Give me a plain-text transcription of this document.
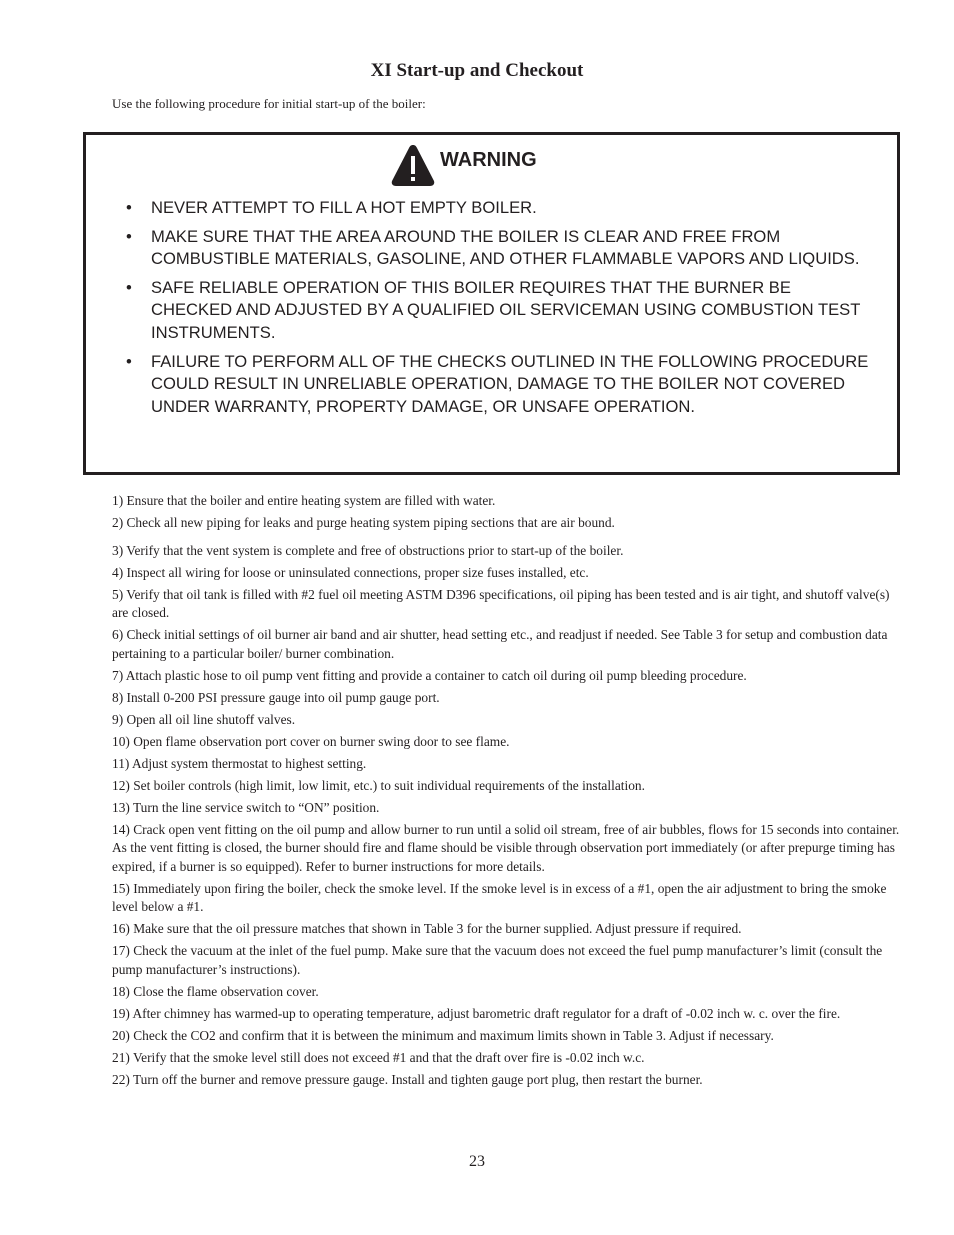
XI Start-up and Checkout
Use the following procedure for initial start-up of the boiler:
WARNING
• NEVER ATTEMPT TO FILL A HOT EMPTY BOILER.
• MAKE SURE THAT THE AREA AROUND THE BOILER IS CLEAR AND FREE FROM COMBUSTIBLE MATERIALS, GASOLINE, AND OTHER FLAMMABLE VAPORS AND LIQUIDS.
• SAFE RELIABLE OPERATION OF THIS BOILER REQUIRES THAT THE BURNER BE CHECKED AND ADJUSTED BY A QUALIFIED OIL SERVICEMAN USING COMBUSTION TEST INSTRUMENTS.
• FAILURE TO PERFORM ALL OF THE CHECKS OUTLINED IN THE FOLLOWING PROCEDURE COULD RESULT IN UNRELIABLE OPERATION, DAMAGE TO THE BOILER NOT COVERED UNDER WARRANTY, PROPERTY DAMAGE, OR UNSAFE OPERATION.
1) Ensure that the boiler and entire heating system are filled with water.
2) Check all new piping for leaks and purge heating system piping sections that are air bound.
3) Verify that the vent system is complete and free of obstructions prior to start-up of the boiler.
4) Inspect all wiring for loose or uninsulated connections, proper size fuses installed, etc.
5) Verify that oil tank is filled with #2 fuel oil meeting ASTM D396 specifications, oil piping has been tested and is air tight, and shutoff valve(s) are closed.
6) Check initial settings of oil burner air band and air shutter, head setting etc., and readjust if needed. See Table 3 for setup and combustion data pertaining to a particular boiler/ burner combination.
7) Attach plastic hose to oil pump vent fitting and provide a container to catch oil during oil pump bleeding procedure.
8) Install 0-200 PSI pressure gauge into oil pump gauge port.
9) Open all oil line shutoff valves.
10) Open flame observation port cover on burner swing door to see flame.
11) Adjust system thermostat to highest setting.
12) Set boiler controls (high limit, low limit, etc.) to suit individual requirements of the installation.
13) Turn the line service switch to “ON” position.
14) Crack open vent fitting on the oil pump and allow burner to run until a solid oil stream, free of air bubbles, flows for 15 seconds into container. As the vent fitting is closed, the burner should fire and flame should be visible through observation port immediately (or after prepurge timing has expired, if a burner is so equipped). Refer to burner instructions for more details.
15) Immediately upon firing the boiler, check the smoke level. If the smoke level is in excess of a #1, open the air adjustment to bring the smoke level below a #1.
16) Make sure that the oil pressure matches that shown in Table 3 for the burner supplied. Adjust pressure if required.
17) Check the vacuum at the inlet of the fuel pump. Make sure that the vacuum does not exceed the fuel pump manufacturer’s limit (consult the pump manufacturer’s instructions).
18) Close the flame observation cover.
19) After chimney has warmed-up to operating temperature, adjust barometric draft regulator for a draft of -0.02 inch w. c. over the fire.
20) Check the CO2 and confirm that it is between the minimum and maximum limits shown in Table 3. Adjust if necessary.
21) Verify that the smoke level still does not exceed #1 and that the draft over fire is -0.02 inch w.c.
22) Turn off the burner and remove pressure gauge. Install and tighten gauge port plug, then restart the burner.
23
